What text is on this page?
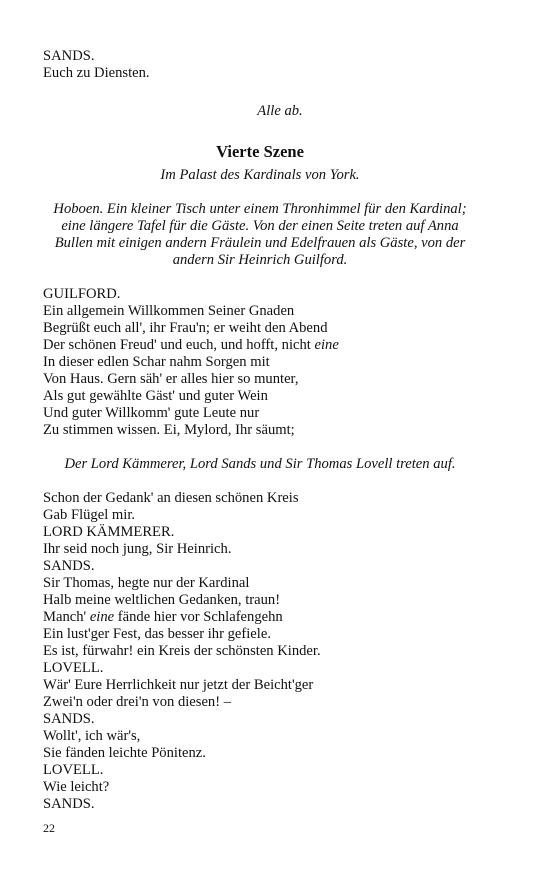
SANDS.
Euch zu Diensten.
Alle ab.
Vierte Szene
Im Palast des Kardinals von York.
Hoboen. Ein kleiner Tisch unter einem Thronhimmel für den Kardinal;
eine längere Tafel für die Gäste. Von der einen Seite treten auf Anna
Bullen mit einigen andern Fräulein und Edelfrauen als Gäste, von der
andern Sir Heinrich Guilford.
GUILFORD.
Ein allgemein Willkommen Seiner Gnaden
Begrüßt euch all', ihr Frau'n; er weiht den Abend
Der schönen Freud' und euch, und hofft, nicht eine
In dieser edlen Schar nahm Sorgen mit
Von Haus. Gern säh' er alles hier so munter,
Als gut gewählte Gäst' und guter Wein
Und guter Willkomm' gute Leute nur
Zu stimmen wissen. Ei, Mylord, Ihr säumt;
Der Lord Kämmerer, Lord Sands und Sir Thomas Lovell treten auf.
Schon der Gedank' an diesen schönen Kreis
Gab Flügel mir.
LORD KÄMMERER.
Ihr seid noch jung, Sir Heinrich.
SANDS.
Sir Thomas, hegte nur der Kardinal
Halb meine weltlichen Gedanken, traun!
Manch' eine fände hier vor Schlafengehn
Ein lust'ger Fest, das besser ihr gefiele.
Es ist, fürwahr! ein Kreis der schönsten Kinder.
LOVELL.
Wär' Eure Herrlichkeit nur jetzt der Beicht'ger
Zwei'n oder drei'n von diesen! –
SANDS.
Wollt', ich wär's,
Sie fänden leichte Pönitenz.
LOVELL.
Wie leicht?
SANDS.
22
